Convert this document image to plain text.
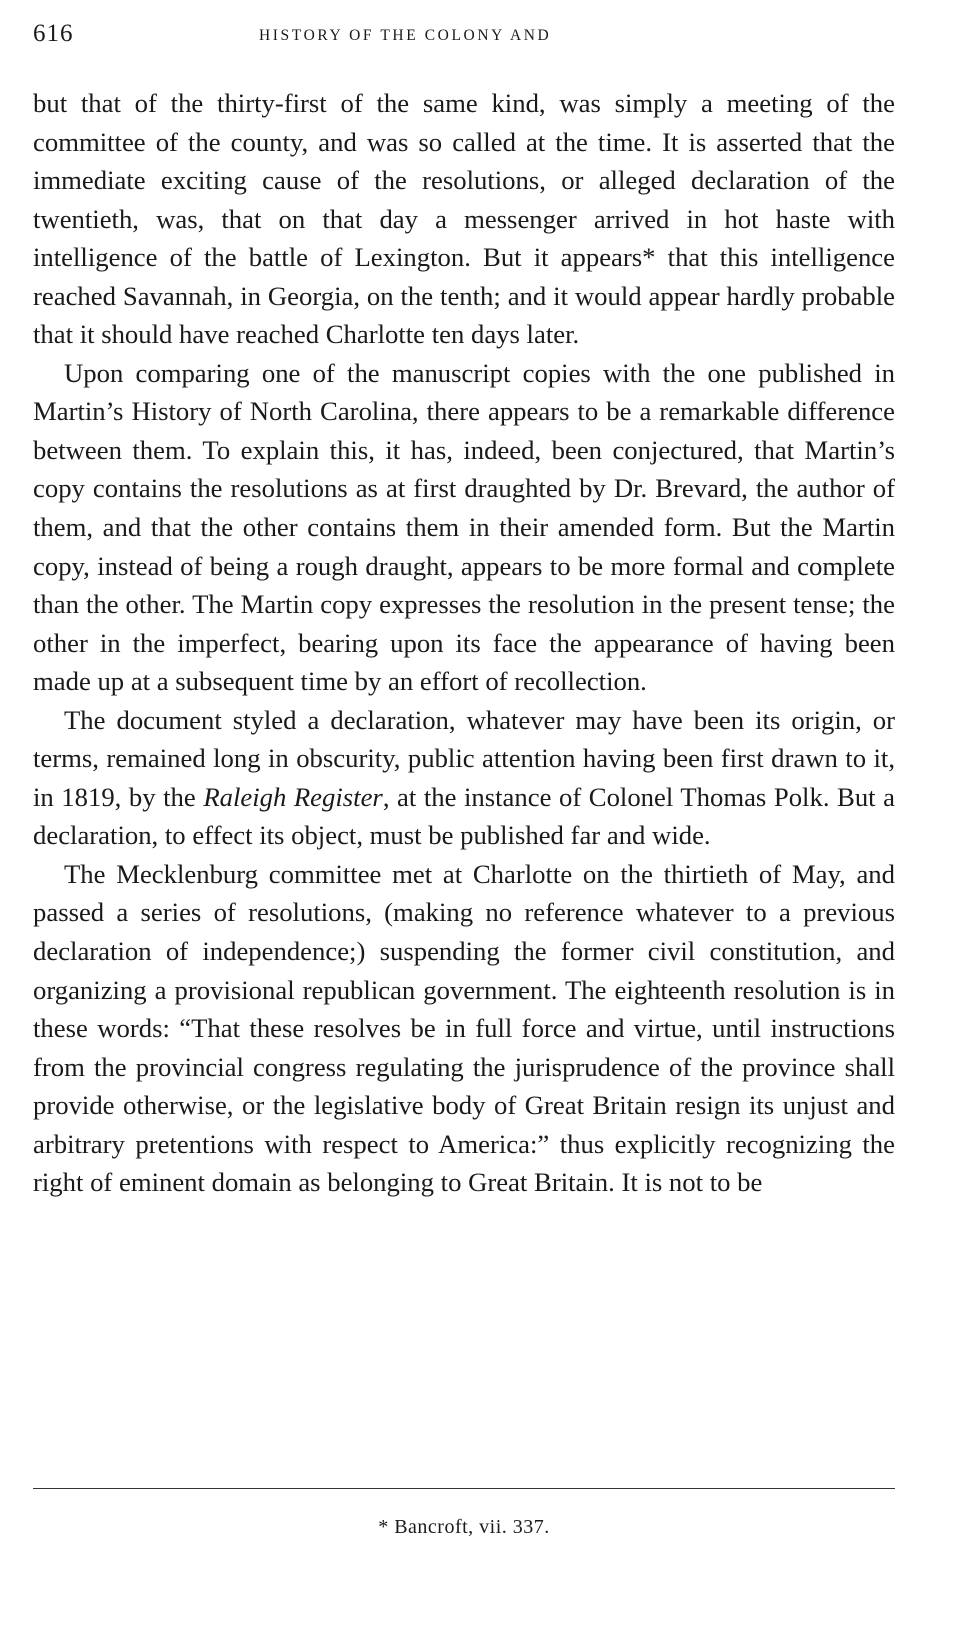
616	HISTORY OF THE COLONY AND

but that of the thirty-first of the same kind, was simply a meeting of the committee of the county, and was so called at the time. It is asserted that the immediate exciting cause of the resolutions, or alleged declaration of the twentieth, was, that on that day a messenger arrived in hot haste with intelligence of the battle of Lexington. But it appears* that this intelligence reached Savannah, in Georgia, on the tenth; and it would appear hardly probable that it should have reached Charlotte ten days later.

Upon comparing one of the manuscript copies with the one published in Martin’s History of North Carolina, there appears to be a remarkable difference between them. To explain this, it has, indeed, been conjectured, that Martin’s copy contains the resolutions as at first draughted by Dr. Brevard, the author of them, and that the other contains them in their amended form. But the Martin copy, instead of being a rough draught, appears to be more formal and complete than the other. The Martin copy expresses the resolution in the present tense; the other in the imperfect, bearing upon its face the appearance of having been made up at a subsequent time by an effort of recollection.

The document styled a declaration, whatever may have been its origin, or terms, remained long in obscurity, public attention having been first drawn to it, in 1819, by the Raleigh Register, at the instance of Colonel Thomas Polk. But a declaration, to effect its object, must be published far and wide.

The Mecklenburg committee met at Charlotte on the thirtieth of May, and passed a series of resolutions, (making no reference whatever to a previous declaration of independence;) suspending the former civil constitution, and organizing a provisional republican government. The eighteenth resolution is in these words: “That these resolves be in full force and virtue, until instructions from the provincial congress regulating the jurisprudence of the province shall provide otherwise, or the legislative body of Great Britain resign its unjust and arbitrary pretentions with respect to America:” thus explicitly recognizing the right of eminent domain as belonging to Great Britain. It is not to be

* Bancroft, vii. 337.
